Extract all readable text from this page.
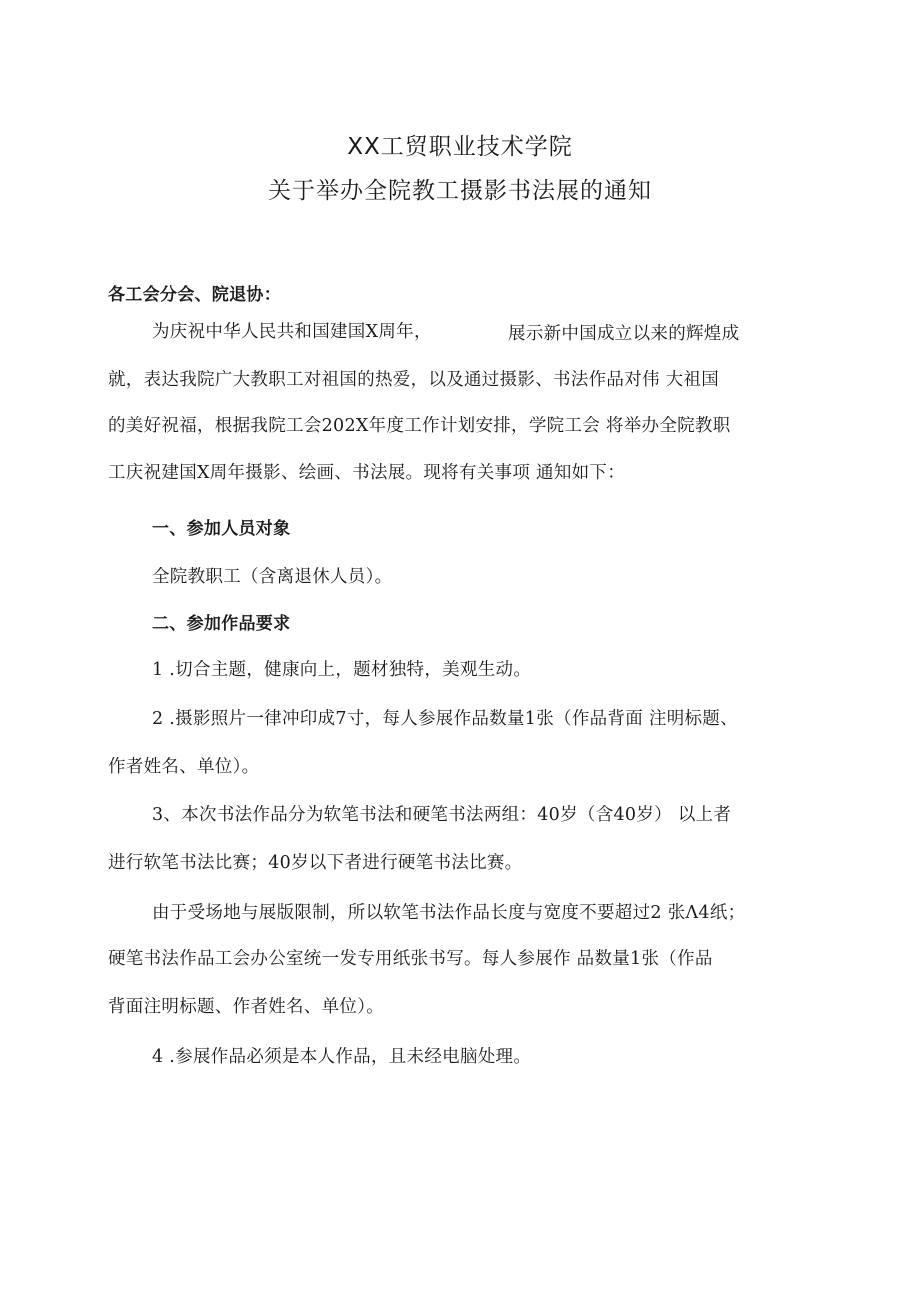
XX工贸职业技术学院
关于举办全院教工摄影书法展的通知
各工会分会、院退协：
为庆祝中华人民共和国建国X周年，	展示新中国成立以来的辉煌成
就，表达我院广大教职工对祖国的热爱，以及通过摄影、书法作品对伟 大祖国
的美好祝福，根据我院工会202X年度工作计划安排，学院工会 将举办全院教职
工庆祝建国X周年摄影、绘画、书法展。现将有关事项 通知如下：
一、参加人员对象
全院教职工（含离退休人员）。
二、参加作品要求
1 .切合主题，健康向上，题材独特，美观生动。
2 .摄影照片一律冲印成7寸，每人参展作品数量1张（作品背面 注明标题、
作者姓名、单位）。
3、本次书法作品分为软笔书法和硬笔书法两组：40岁（含40岁） 以上者
进行软笔书法比赛；40岁以下者进行硬笔书法比赛。
由于受场地与展版限制，所以软笔书法作品长度与宽度不要超过2 张Λ4纸；
硬笔书法作品工会办公室统一发专用纸张书写。每人参展作 品数量1张（作品
背面注明标题、作者姓名、单位）。
4 .参展作品必须是本人作品，且未经电脑处理。
